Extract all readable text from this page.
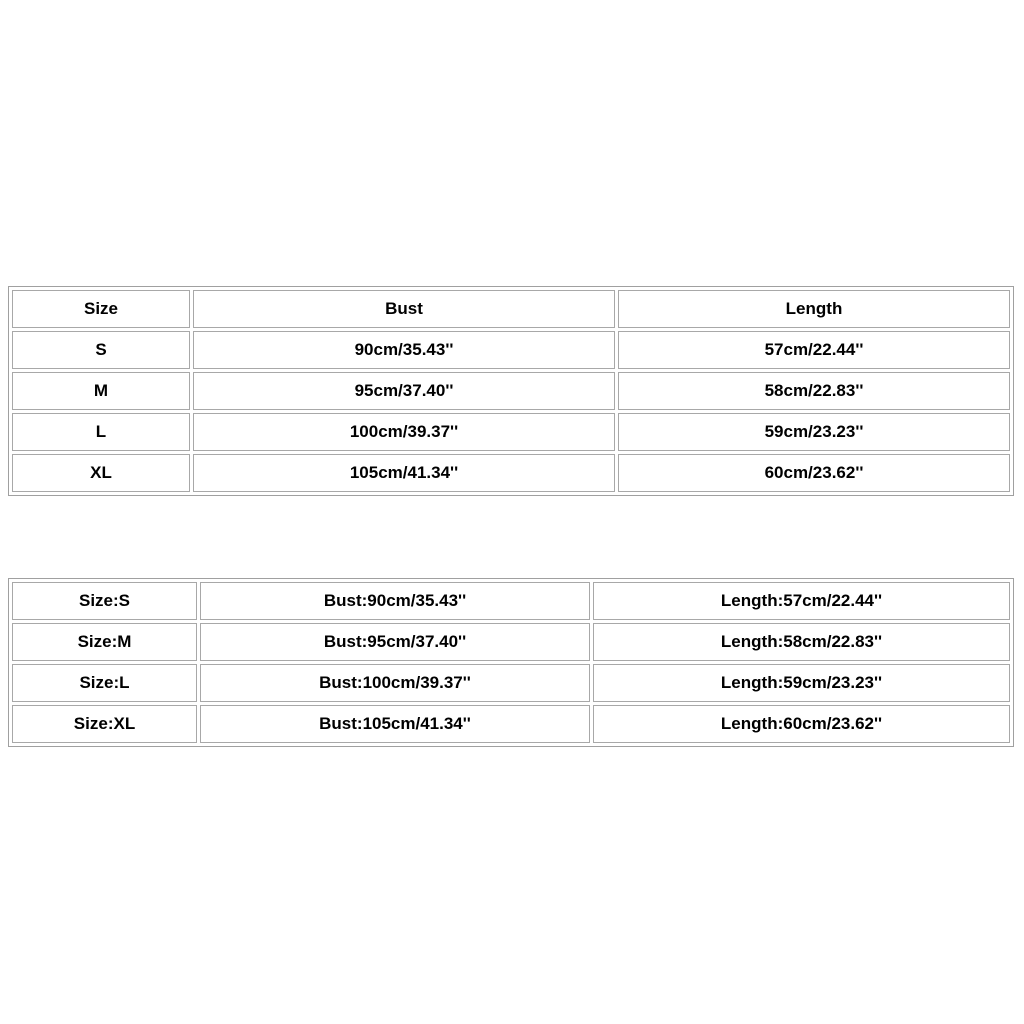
Size	Bust	Length
S	90cm/35.43''	57cm/22.44''
M	95cm/37.40''	58cm/22.83''
L	100cm/39.37''	59cm/23.23''
XL	105cm/41.34''	60cm/23.62''
Size:S	Bust:90cm/35.43''	Length:57cm/22.44''
Size:M	Bust:95cm/37.40''	Length:58cm/22.83''
Size:L	Bust:100cm/39.37''	Length:59cm/23.23''
Size:XL	Bust:105cm/41.34''	Length:60cm/23.62''
